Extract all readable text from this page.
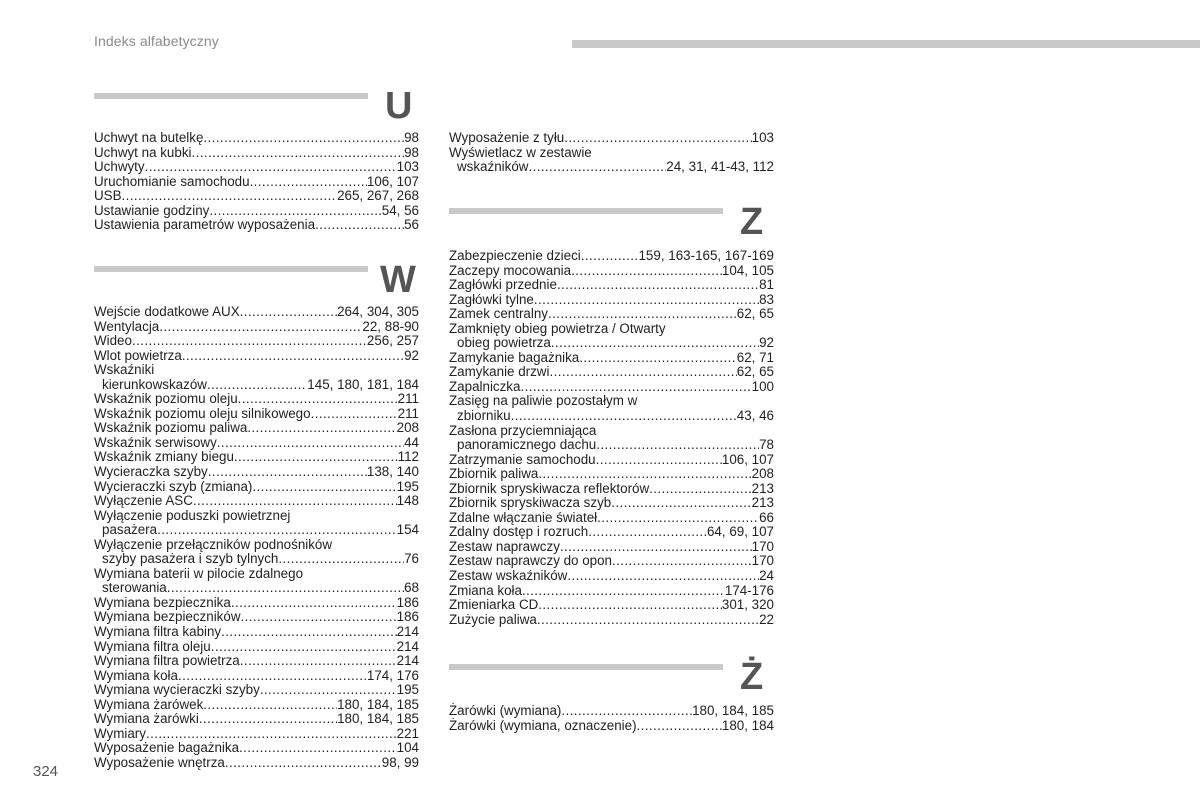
Indeks alfabetyczny
U
Uchwyt na butelkę .....	98
Uchwyt na kubki .....	98
Uchwyty .....	103
Uruchomianie samochodu .....	106, 107
USB .....	265, 267, 268
Ustawianie godziny .....	54, 56
Ustawienia parametrów wyposażenia .....	56
W
Wejście dodatkowe AUX .....	264, 304, 305
Wentylacja .....	22, 88-90
Wideo .....	256, 257
Wlot powietrza .....	92
Wskaźniki
kierunkowskazów .....	145, 180, 181, 184
Wskaźnik poziomu oleju .....	211
Wskaźnik poziomu oleju silnikowego .....	211
Wskaźnik poziomu paliwa .....	208
Wskaźnik serwisowy .....	44
Wskaźnik zmiany biegu .....	112
Wycieraczka szyby .....	138, 140
Wycieraczki szyb (zmiana) .....	195
Wyłączenie ASC .....	148
Wyłączenie poduszki powietrznej
pasażera .....	154
Wyłączenie przełączników podnośników
szyby pasażera i szyb tylnych .....	76
Wymiana baterii w pilocie zdalnego
sterowania .....	68
Wymiana bezpiecznika .....	186
Wymiana bezpieczników .....	186
Wymiana filtra kabiny .....	214
Wymiana filtra oleju .....	214
Wymiana filtra powietrza .....	214
Wymiana koła .....	174, 176
Wymiana wycieraczki szyby .....	195
Wymiana żarówek .....	180, 184, 185
Wymiana żarówki .....	180, 184, 185
Wymiary .....	221
Wyposażenie bagażnika .....	104
Wyposażenie wnętrza .....	98, 99
Wyposażenie z tyłu .....	103
Wyświetlacz w zestawie
wskaźników .....	24, 31, 41-43, 112
Z
Zabezpieczenie dzieci .....	159, 163-165, 167-169
Zaczepy mocowania .....	104, 105
Zagłówki przednie .....	81
Zagłówki tylne .....	83
Zamek centralny .....	62, 65
Zamknięty obieg powietrza / Otwarty
obieg powietrza .....	92
Zamykanie bagażnika .....	62, 71
Zamykanie drzwi .....	62, 65
Zapalniczka .....	100
Zasięg na paliwie pozostałym w
zbiorniku .....	43, 46
Zasłona przyciemniająca
panoramicznego dachu .....	78
Zatrzymanie samochodu .....	106, 107
Zbiornik paliwa .....	208
Zbiornik spryskiwacza reflektorów .....	213
Zbiornik spryskiwacza szyb .....	213
Zdalne włączanie świateł .....	66
Zdalny dostęp i rozruch .....	64, 69, 107
Zestaw naprawczy .....	170
Zestaw naprawczy do opon .....	170
Zestaw wskaźników .....	24
Zmiana koła .....	174-176
Zmieniarka CD .....	301, 320
Zużycie paliwa .....	22
Ż
Żarówki (wymiana) .....	180, 184, 185
Żarówki (wymiana, oznaczenie) .....	180, 184
324
